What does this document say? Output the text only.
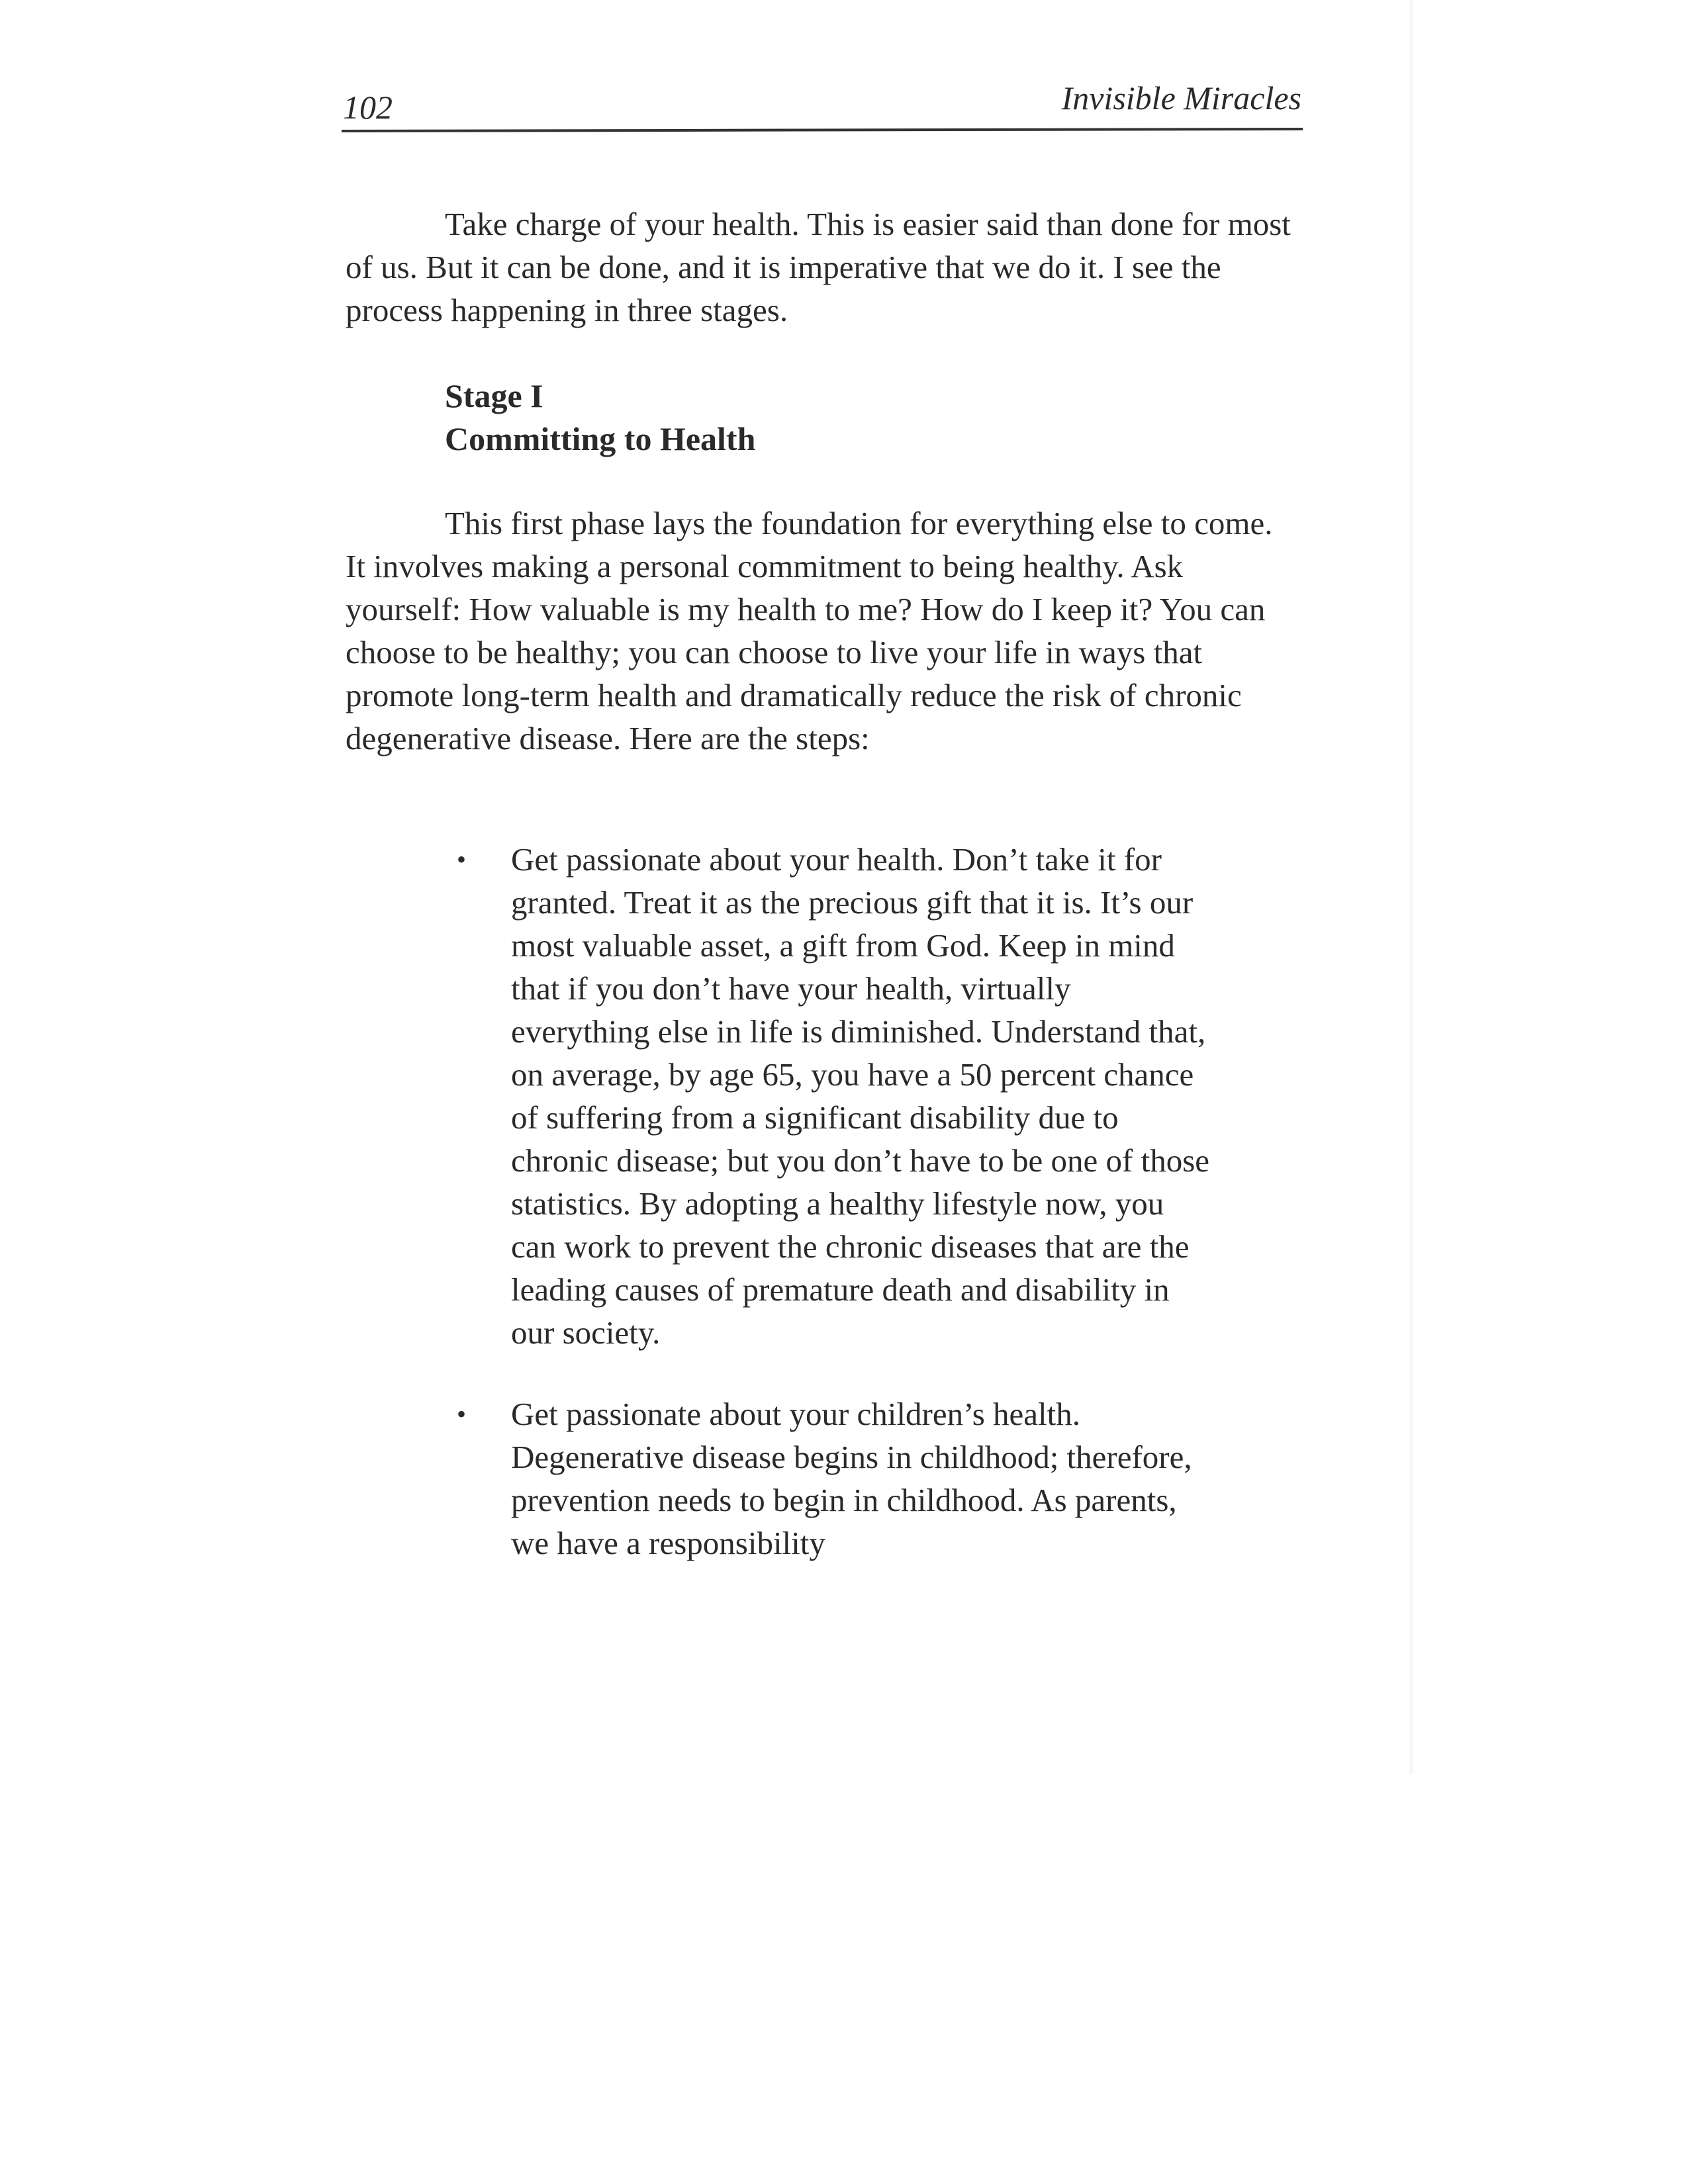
102	Invisible Miracles

Take charge of your health. This is easier said than done for most of us. But it can be done, and it is imperative that we do it. I see the process happening in three stages.

Stage I
Committing to Health

This first phase lays the foundation for everything else to come. It involves making a personal commitment to being healthy. Ask yourself: How valuable is my health to me? How do I keep it? You can choose to be healthy; you can choose to live your life in ways that promote long-term health and dramatically reduce the risk of chronic degenerative disease. Here are the steps:

• Get passionate about your health. Don’t take it for granted. Treat it as the precious gift that it is. It’s our most valuable asset, a gift from God. Keep in mind that if you don’t have your health, virtually everything else in life is diminished. Understand that, on average, by age 65, you have a 50 percent chance of suffering from a significant disability due to chronic disease; but you don’t have to be one of those statistics. By adopting a healthy lifestyle now, you can work to prevent the chronic diseases that are the leading causes of premature death and disability in our society.
• Get passionate about your children’s health. Degenerative disease begins in childhood; therefore, prevention needs to begin in childhood. As parents, we have a responsibility
